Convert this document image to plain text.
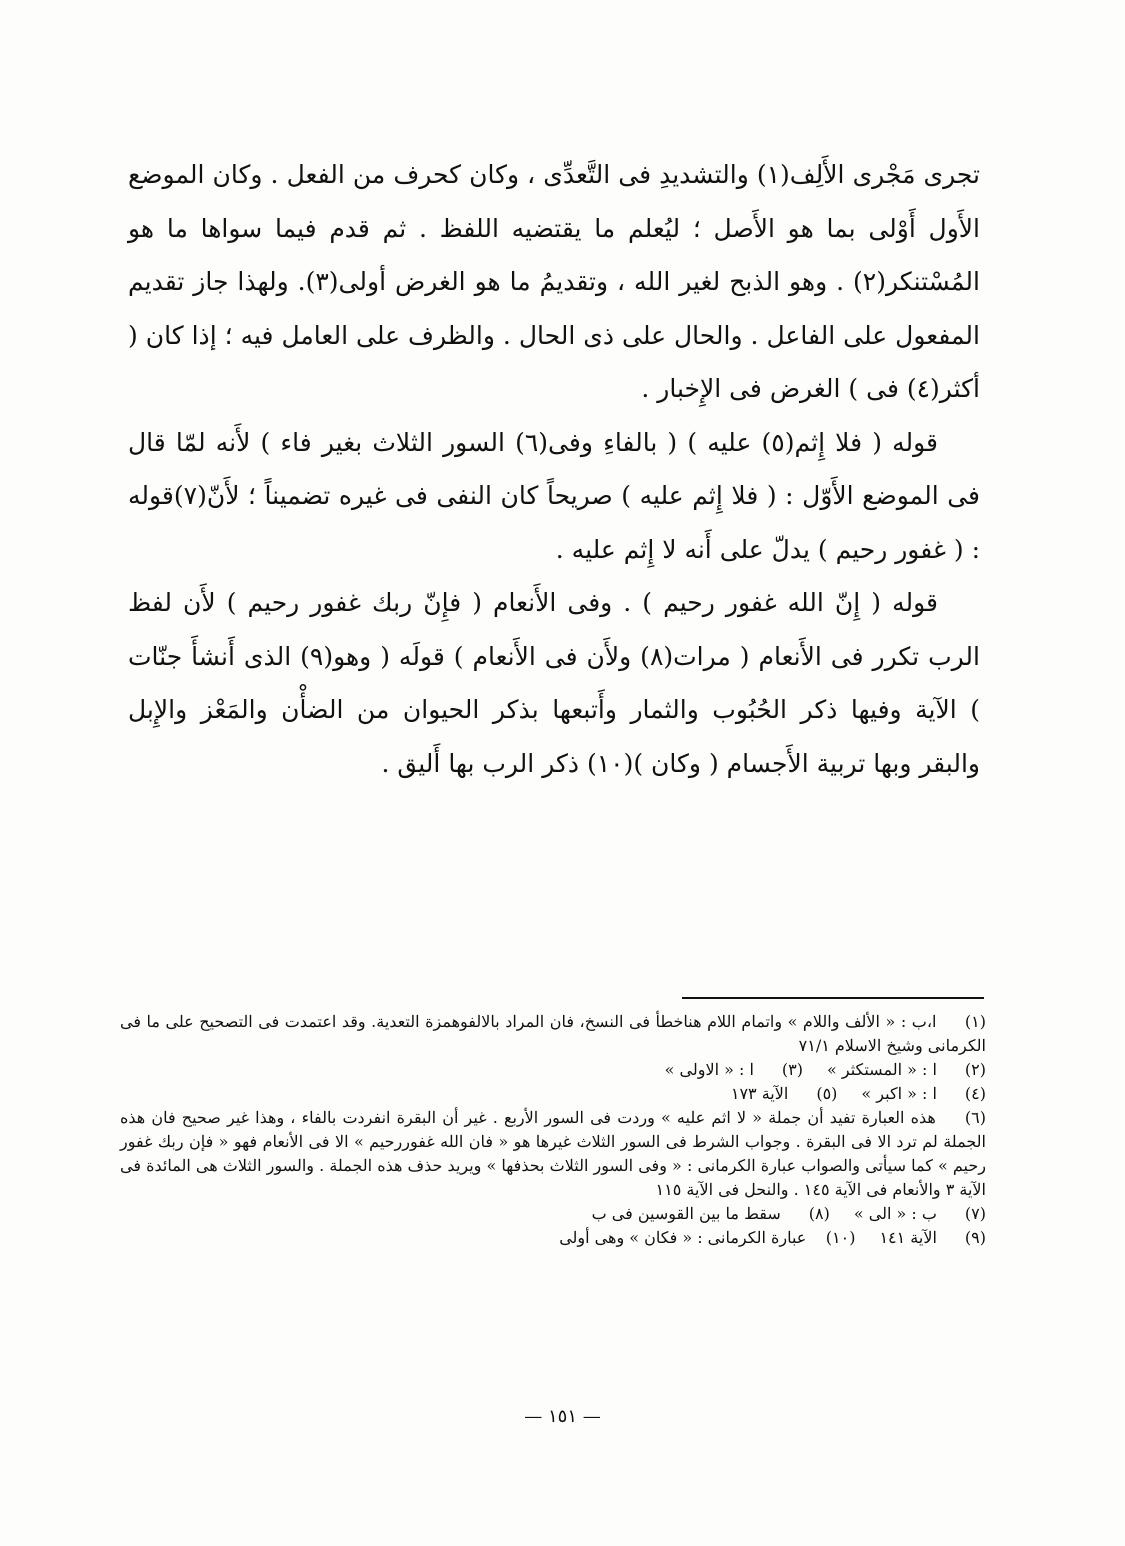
تجرى مَجْرى الأَلِف(١) والتشديدِ فى التَّعدِّى ، وكان كحرف من الفعل . وكان الموضع الأَول أَوْلى بما هو الأَصل ؛ ليُعلم ما يقتضيه اللفظ . ثم قدم فيما سواها ما هو المُسْتنكر(٢) . وهو الذبح لغير الله ، وتقديمُ ما هو الغرض أولى(٣). ولهذا جاز تقديم المفعول على الفاعل . والحال على ذى الحال . والظرف على العامل فيه ؛ إذا كان ( أكثر(٤) فى ) الغرض فى الإِخبار .

قوله ( فلا إِثم(٥) عليه ) ( بالفاءِ وفى(٦) السور الثلاث بغير فاء ) لأَنه لمّا قال فى الموضع الأَوّل : ( فلا إِثم عليه ) صريحاً كان النفى فى غيره تضميناً ؛ لأَنّ(٧)قوله : ( غفور رحيم ) يدلّ على أَنه لا إِثم عليه .

قوله ( إِنّ الله غفور رحيم ) . وفى الأَنعام ( فإِنّ ربك غفور رحيم ) لأَن لفظ الرب تكرر فى الأَنعام ( مرات(٨) ولأَن فى الأَنعام ) قولَه ( وهو(٩) الذى أَنشأَ جنّات ) الآية وفيها ذكر الحُبُوب والثمار وأَتبعها بذكر الحيوان من الضأْن والمَعْز والإِبل والبقر وبها تربية الأَجسام ( وكان )(١٠) ذكر الرب بها أَليق .

(١) ا،ب : « الألف واللام » واتمام اللام هناخطأ فى النسخ، فان المراد بالالفوهمزة التعدية. وقد اعتمدت فى التصحيح على ما فى الكرمانى وشيخ الاسلام ٧١/١

(٢) ا : « المستكثر »
(٣) ا : « الاولى »
(٤) ا : « اكبر »
(٥) الآية ١٧٣

(٦) هذه العبارة تفيد أن جملة « لا اثم عليه » وردت فى السور الأربع . غير أن البقرة انفردت بالفاء ، وهذا غير صحيح فان هذه الجملة لم ترد الا فى البقرة . وجواب الشرط فى السور الثلاث غيرها هو « فان الله غفوررحيم » الا فى الأنعام فهو « فإن ربك غفور رحيم » كما سيأتى والصواب عبارة الكرمانى : « وفى السور الثلاث بحذفها » ويريد حذف هذه الجملة . والسور الثلاث هى المائدة فى الآية ٣ والأنعام فى الآية ١٤٥ . والنحل فى الآية ١١٥

(٧) ب : « الى »
(٨) سقط ما بين القوسين فى ب
(٩) الآية ١٤١
(١٠) عبارة الكرمانى : « فكان » وهى أولى
— ١٥١ —
